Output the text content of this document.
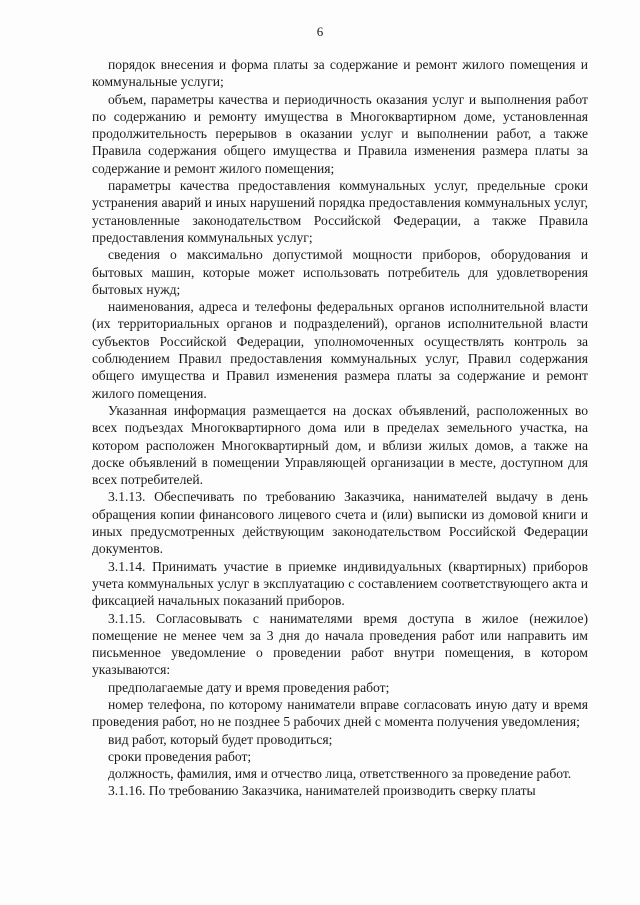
6

порядок внесения и форма платы за содержание и ремонт жилого помещения и коммунальные услуги;

объем, параметры качества и периодичность оказания услуг и выполнения работ по содержанию и ремонту имущества в Многоквартирном доме, установленная продолжительность перерывов в оказании услуг и выполнении работ, а также Правила содержания общего имущества и Правила изменения размера платы за содержание и ремонт жилого помещения;

параметры качества предоставления коммунальных услуг, предельные сроки устранения аварий и иных нарушений порядка предоставления коммунальных услуг, установленные законодательством Российской Федерации, а также Правила предоставления коммунальных услуг;

сведения о максимально допустимой мощности приборов, оборудования и бытовых машин, которые может использовать потребитель для удовлетворения бытовых нужд;

наименования, адреса и телефоны федеральных органов исполнительной власти (их территориальных органов и подразделений), органов исполнительной власти субъектов Российской Федерации, уполномоченных осуществлять контроль за соблюдением Правил предоставления коммунальных услуг, Правил содержания общего имущества и Правил изменения размера платы за содержание и ремонт жилого помещения.

Указанная информация размещается на досках объявлений, расположенных во всех подъездах Многоквартирного дома или в пределах земельного участка, на котором расположен Многоквартирный дом, и вблизи жилых домов, а также на доске объявлений в помещении Управляющей организации в месте, доступном для всех потребителей.

3.1.13. Обеспечивать по требованию Заказчика, нанимателей выдачу в день обращения копии финансового лицевого счета и (или) выписки из домовой книги и иных предусмотренных действующим законодательством Российской Федерации документов.

3.1.14. Принимать участие в приемке индивидуальных (квартирных) приборов учета коммунальных услуг в эксплуатацию с составлением соответствующего акта и фиксацией начальных показаний приборов.

3.1.15. Согласовывать с нанимателями время доступа в жилое (нежилое) помещение не менее чем за 3 дня до начала проведения работ или направить им письменное уведомление о проведении работ внутри помещения, в котором указываются:

предполагаемые дату и время проведения работ;

номер телефона, по которому наниматели вправе согласовать иную дату и время проведения работ, но не позднее 5 рабочих дней с момента получения уведомления;

вид работ, который будет проводиться;

сроки проведения работ;

должность, фамилия, имя и отчество лица, ответственного за проведение работ.

3.1.16. По требованию Заказчика, нанимателей производить сверку платы
